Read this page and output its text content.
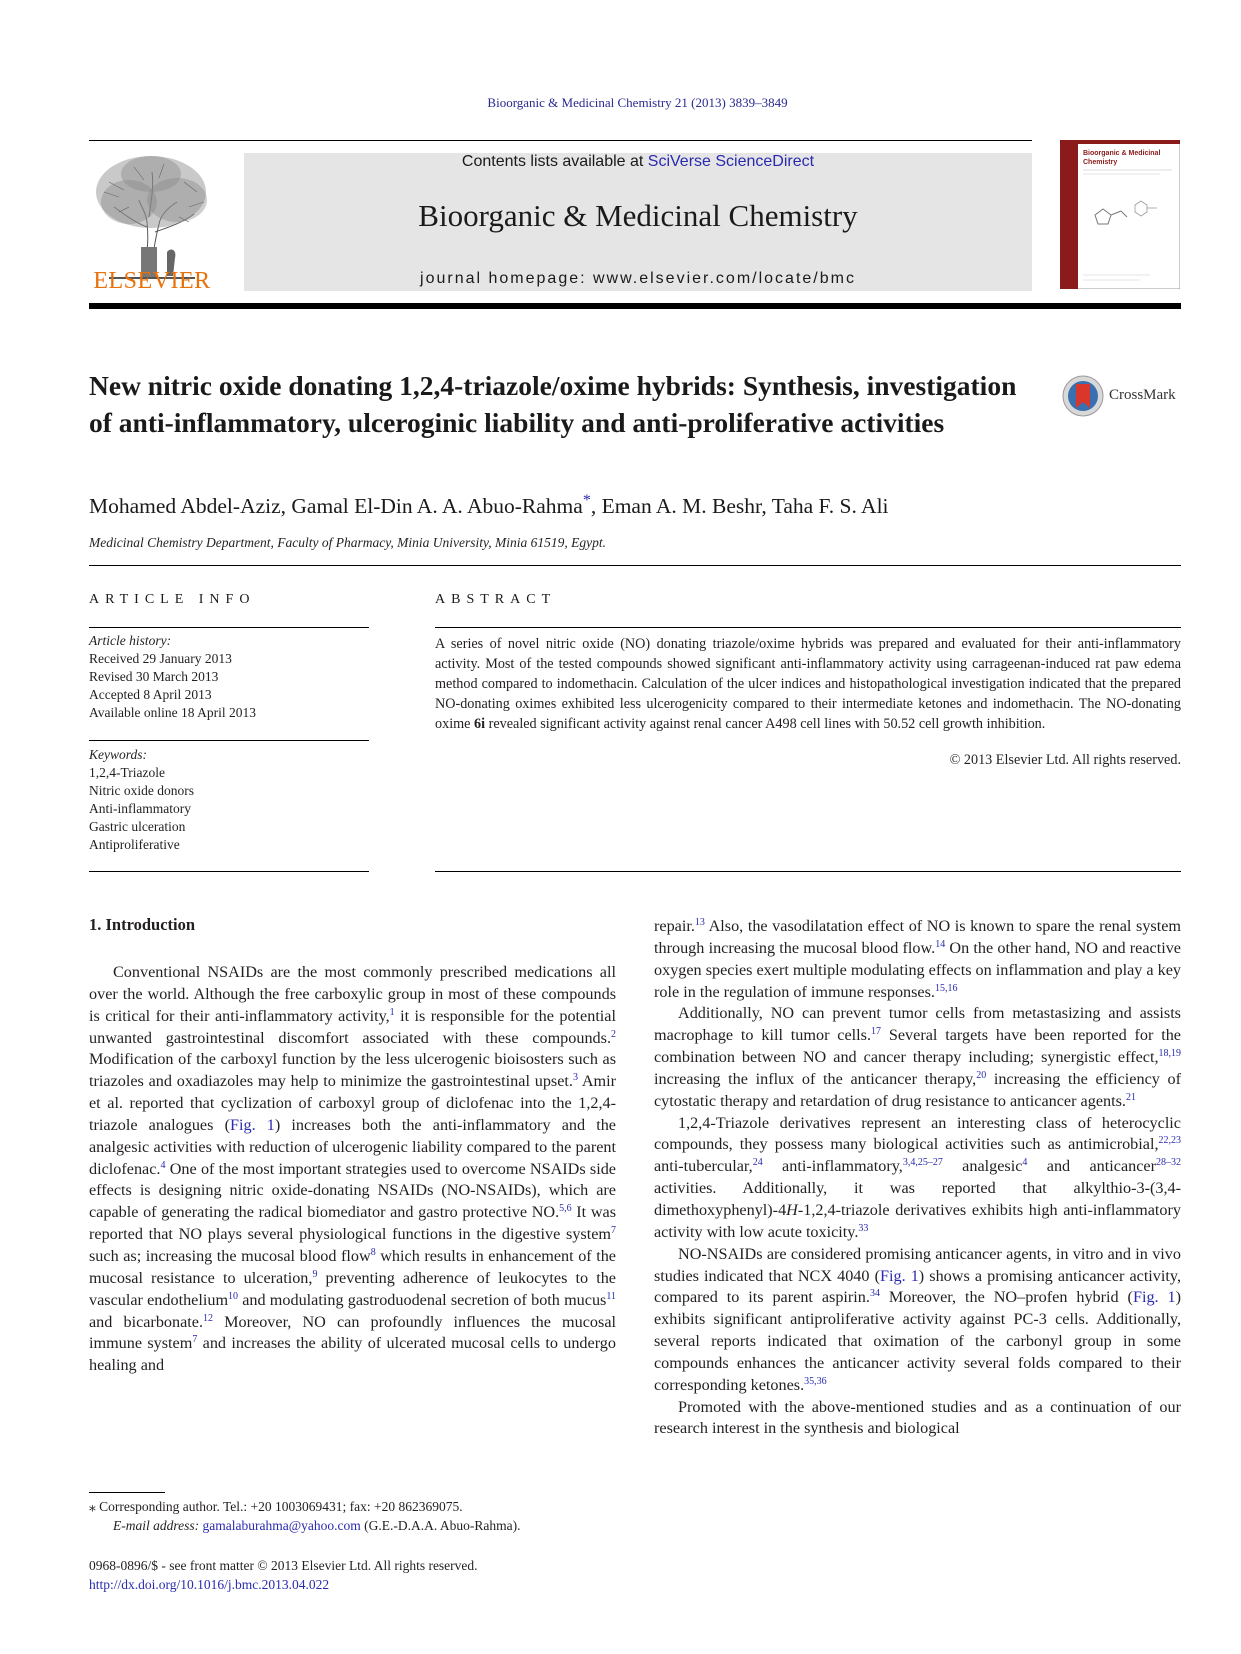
Bioorganic & Medicinal Chemistry 21 (2013) 3839–3849
ELSEVIER
Contents lists available at SciVerse ScienceDirect
Bioorganic & Medicinal Chemistry
journal homepage: www.elsevier.com/locate/bmc
Bioorganic & Medicinal
Chemistry
New nitric oxide donating 1,2,4-triazole/oxime hybrids: Synthesis, investigation of anti-inflammatory, ulceroginic liability and anti-proliferative activities
CrossMark
Mohamed Abdel-Aziz, Gamal El-Din A. A. Abuo-Rahma*, Eman A. M. Beshr, Taha F. S. Ali
Medicinal Chemistry Department, Faculty of Pharmacy, Minia University, Minia 61519, Egypt.
ARTICLE INFO	ABSTRACT
Article history:
Received 29 January 2013
Revised 30 March 2013
Accepted 8 April 2013
Available online 18 April 2013
Keywords:
1,2,4-Triazole
Nitric oxide donors
Anti-inflammatory
Gastric ulceration
Antiproliferative
A series of novel nitric oxide (NO) donating triazole/oxime hybrids was prepared and evaluated for their anti-inflammatory activity. Most of the tested compounds showed significant anti-inflammatory activity using carrageenan-induced rat paw edema method compared to indomethacin. Calculation of the ulcer indices and histopathological investigation indicated that the prepared NO-donating oximes exhibited less ulcerogenicity compared to their intermediate ketones and indomethacin. The NO-donating oxime 6i revealed significant activity against renal cancer A498 cell lines with 50.52 cell growth inhibition.
© 2013 Elsevier Ltd. All rights reserved.
1. Introduction

Conventional NSAIDs are the most commonly prescribed medications all over the world. Although the free carboxylic group in most of these compounds is critical for their anti-inflammatory activity,$^1$ it is responsible for the potential unwanted gastrointestinal discomfort associated with these compounds.$^2$ Modification of the carboxyl function by the less ulcerogenic bioisosters such as triazoles and oxadiazoles may help to minimize the gastrointestinal upset.$^3$ Amir et al. reported that cyclization of carboxyl group of diclofenac into the 1,2,4-triazole analogues (Fig. 1) increases both the anti-inflammatory and the analgesic activities with reduction of ulcerogenic liability compared to the parent diclofenac.$^4$ One of the most important strategies used to overcome NSAIDs side effects is designing nitric oxide-donating NSAIDs (NO-NSAIDs), which are capable of generating the radical biomediator and gastro protective NO.$^{5,6}$ It was reported that NO plays several physiological functions in the digestive system$^7$ such as; increasing the mucosal blood flow$^8$ which results in enhancement of the mucosal resistance to ulceration,$^9$ preventing adherence of leukocytes to the vascular endothelium$^{10}$ and modulating gastroduodenal secretion of both mucus$^{11}$ and bicarbonate.$^{12}$ Moreover, NO can profoundly influences the mucosal immune system$^7$ and increases the ability of ulcerated mucosal cells to undergo healing and

repair.$^{13}$ Also, the vasodilatation effect of NO is known to spare the renal system through increasing the mucosal blood flow.$^{14}$ On the other hand, NO and reactive oxygen species exert multiple modulating effects on inflammation and play a key role in the regulation of immune responses.$^{15,16}$

Additionally, NO can prevent tumor cells from metastasizing and assists macrophage to kill tumor cells.$^{17}$ Several targets have been reported for the combination between NO and cancer therapy including; synergistic effect,$^{18,19}$ increasing the influx of the anticancer therapy,$^{20}$ increasing the efficiency of cytostatic therapy and retardation of drug resistance to anticancer agents.$^{21}$

1,2,4-Triazole derivatives represent an interesting class of heterocyclic compounds, they possess many biological activities such as antimicrobial,$^{22,23}$ anti-tubercular,$^{24}$ anti-inflammatory,$^{3,4,25-27}$ analgesic$^4$ and anticancer$^{28-32}$ activities. Additionally, it was reported that alkylthio-3-(3,4-dimethoxyphenyl)-4H-1,2,4-triazole derivatives exhibits high anti-inflammatory activity with low acute toxicity.$^{33}$

NO-NSAIDs are considered promising anticancer agents, in vitro and in vivo studies indicated that NCX 4040 (Fig. 1) shows a promising anticancer activity, compared to its parent aspirin.$^{34}$ Moreover, the NO–profen hybrid (Fig. 1) exhibits significant antiproliferative activity against PC-3 cells. Additionally, several reports indicated that oximation of the carbonyl group in some compounds enhances the anticancer activity several folds compared to their corresponding ketones.$^{35,36}$

Promoted with the above-mentioned studies and as a continuation of our research interest in the synthesis and biological

⁎ Corresponding author. Tel.: +20 1003069431; fax: +20 862369075.
E-mail address: gamalaburahma@yahoo.com (G.E.-D.A.A. Abuo-Rahma).
0968-0896/$ - see front matter © 2013 Elsevier Ltd. All rights reserved.
http://dx.doi.org/10.1016/j.bmc.2013.04.022
